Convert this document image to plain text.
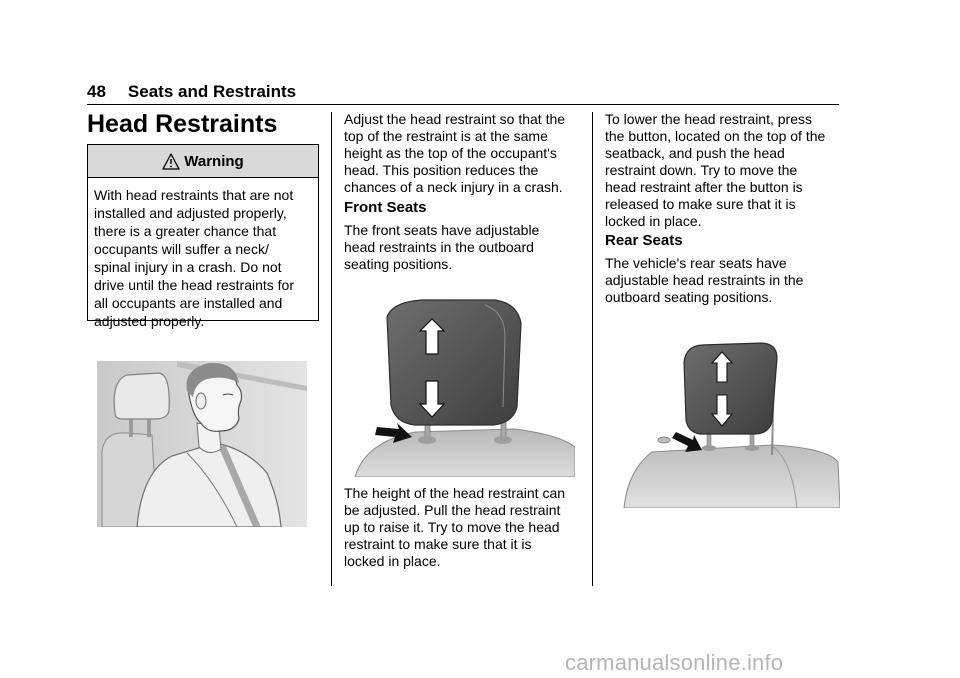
48 Seats and Restraints
Head Restraints
Warning
With head restraints that are not
installed and adjusted properly,
there is a greater chance that
occupants will suffer a neck/
spinal injury in a crash. Do not
drive until the head restraints for
all occupants are installed and
adjusted properly.
Adjust the head restraint so that the
top of the restraint is at the same
height as the top of the occupant's
head. This position reduces the
chances of a neck injury in a crash.
Front Seats
The front seats have adjustable
head restraints in the outboard
seating positions.
The height of the head restraint can
be adjusted. Pull the head restraint
up to raise it. Try to move the head
restraint to make sure that it is
locked in place.
To lower the head restraint, press
the button, located on the top of the
seatback, and push the head
restraint down. Try to move the
head restraint after the button is
released to make sure that it is
locked in place.
Rear Seats
The vehicle's rear seats have
adjustable head restraints in the
outboard seating positions.
carmanualsonline.info
